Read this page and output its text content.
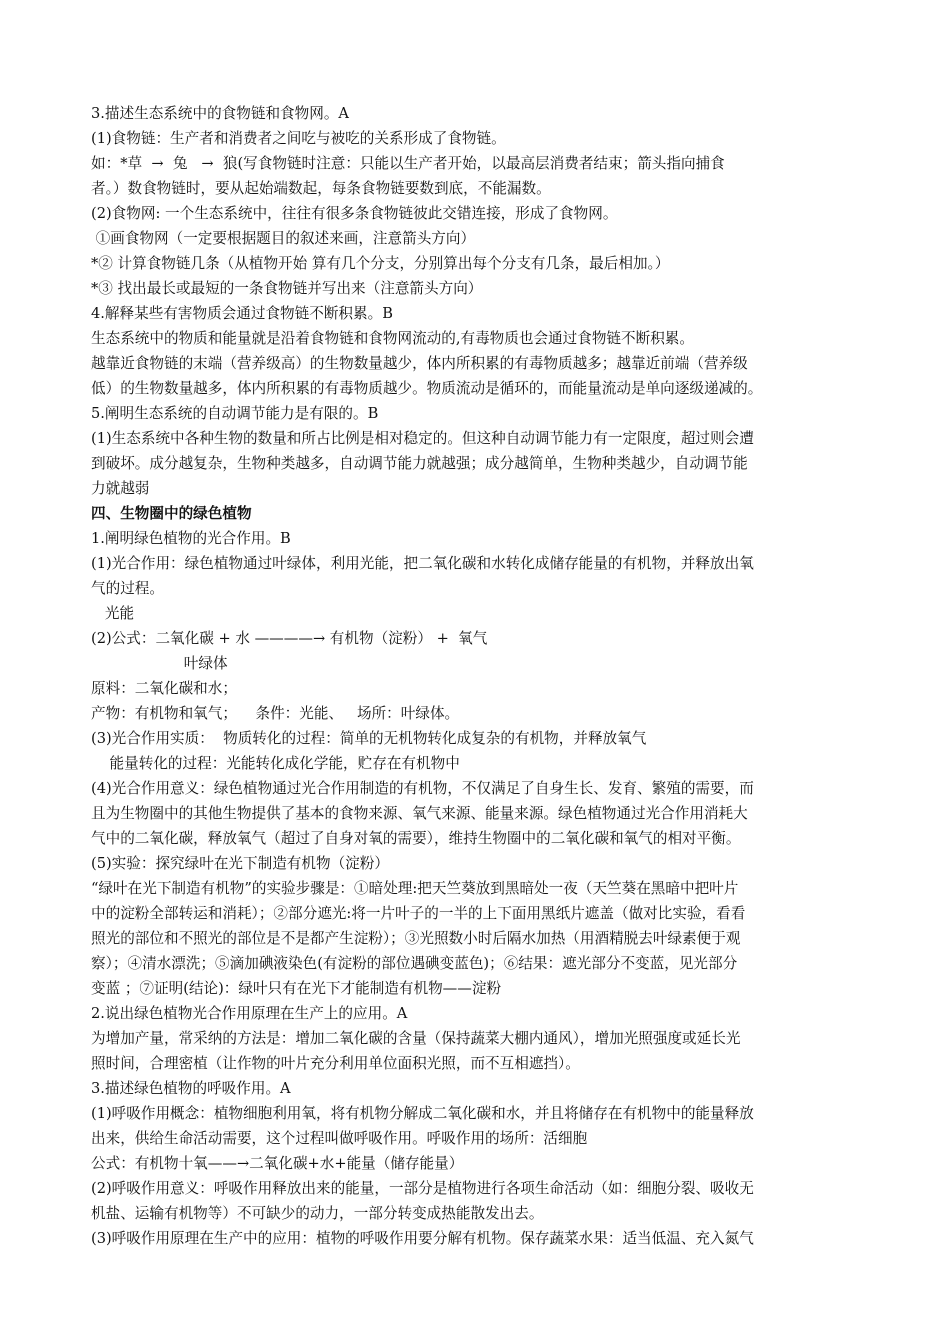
3.描述生态系统中的食物链和食物网。A
(1)食物链：生产者和消费者之间吃与被吃的关系形成了食物链。
如：*草  →  兔   →  狼(写食物链时注意：只能以生产者开始，以最高层消费者结束；箭头指向捕食
者。）数食物链时，要从起始端数起，每条食物链要数到底，不能漏数。
(2)食物网: 一个生态系统中，往往有很多条食物链彼此交错连接，形成了食物网。
①画食物网（一定要根据题目的叙述来画，注意箭头方向）
*② 计算食物链几条（从植物开始 算有几个分支，分别算出每个分支有几条，最后相加。）
*③ 找出最长或最短的一条食物链并写出来（注意箭头方向）
4.解释某些有害物质会通过食物链不断积累。B
生态系统中的物质和能量就是沿着食物链和食物网流动的,有毒物质也会通过食物链不断积累。
越靠近食物链的末端（营养级高）的生物数量越少，体内所积累的有毒物质越多；越靠近前端（营养级
低）的生物数量越多，体内所积累的有毒物质越少。物质流动是循环的，而能量流动是单向逐级递减的。
5.阐明生态系统的自动调节能力是有限的。B
(1)生态系统中各种生物的数量和所占比例是相对稳定的。但这种自动调节能力有一定限度，超过则会遭
到破坏。成分越复杂，生物种类越多，自动调节能力就越强；成分越简单，生物种类越少，自动调节能
力就越弱
四、生物圈中的绿色植物
1.阐明绿色植物的光合作用。B
(1)光合作用：绿色植物通过叶绿体，利用光能，把二氧化碳和水转化成储存能量的有机物，并释放出氧
气的过程。
光能
(2)公式：二氧化碳 + 水 ————→ 有机物（淀粉） +  氧气
叶绿体
原料：二氧化碳和水；
产物：有机物和氧气；    条件：光能、   场所：叶绿体。
(3)光合作用实质：  物质转化的过程：简单的无机物转化成复杂的有机物，并释放氧气
能量转化的过程：光能转化成化学能，贮存在有机物中
(4)光合作用意义：绿色植物通过光合作用制造的有机物，不仅满足了自身生长、发育、繁殖的需要，而
且为生物圈中的其他生物提供了基本的食物来源、氧气来源、能量来源。绿色植物通过光合作用消耗大
气中的二氧化碳，释放氧气（超过了自身对氧的需要），维持生物圈中的二氧化碳和氧气的相对平衡。
(5)实验：探究绿叶在光下制造有机物（淀粉）
“绿叶在光下制造有机物”的实验步骤是：①暗处理:把天竺葵放到黑暗处一夜（天竺葵在黑暗中把叶片
中的淀粉全部转运和消耗）；②部分遮光:将一片叶子的一半的上下面用黑纸片遮盖（做对比实验，看看
照光的部位和不照光的部位是不是都产生淀粉）；③光照数小时后隔水加热（用酒精脱去叶绿素便于观
察）；④清水漂洗；⑤滴加碘液染色(有淀粉的部位遇碘变蓝色)；⑥结果：遮光部分不变蓝，见光部分
变蓝 ；⑦证明(结论)：绿叶只有在光下才能制造有机物——淀粉
2.说出绿色植物光合作用原理在生产上的应用。A
为增加产量，常采纳的方法是：增加二氧化碳的含量（保持蔬菜大棚内通风），增加光照强度或延长光
照时间，合理密植（让作物的叶片充分利用单位面积光照，而不互相遮挡）。
3.描述绿色植物的呼吸作用。A
(1)呼吸作用概念：植物细胞利用氧，将有机物分解成二氧化碳和水，并且将储存在有机物中的能量释放
出来，供给生命活动需要，这个过程叫做呼吸作用。呼吸作用的场所：活细胞
公式：有机物十氧——→二氧化碳+水+能量（储存能量）
(2)呼吸作用意义：呼吸作用释放出来的能量，一部分是植物进行各项生命活动（如：细胞分裂、吸收无
机盐、运输有机物等）不可缺少的动力，一部分转变成热能散发出去。
(3)呼吸作用原理在生产中的应用：植物的呼吸作用要分解有机物。保存蔬菜水果：适当低温、充入氮气
